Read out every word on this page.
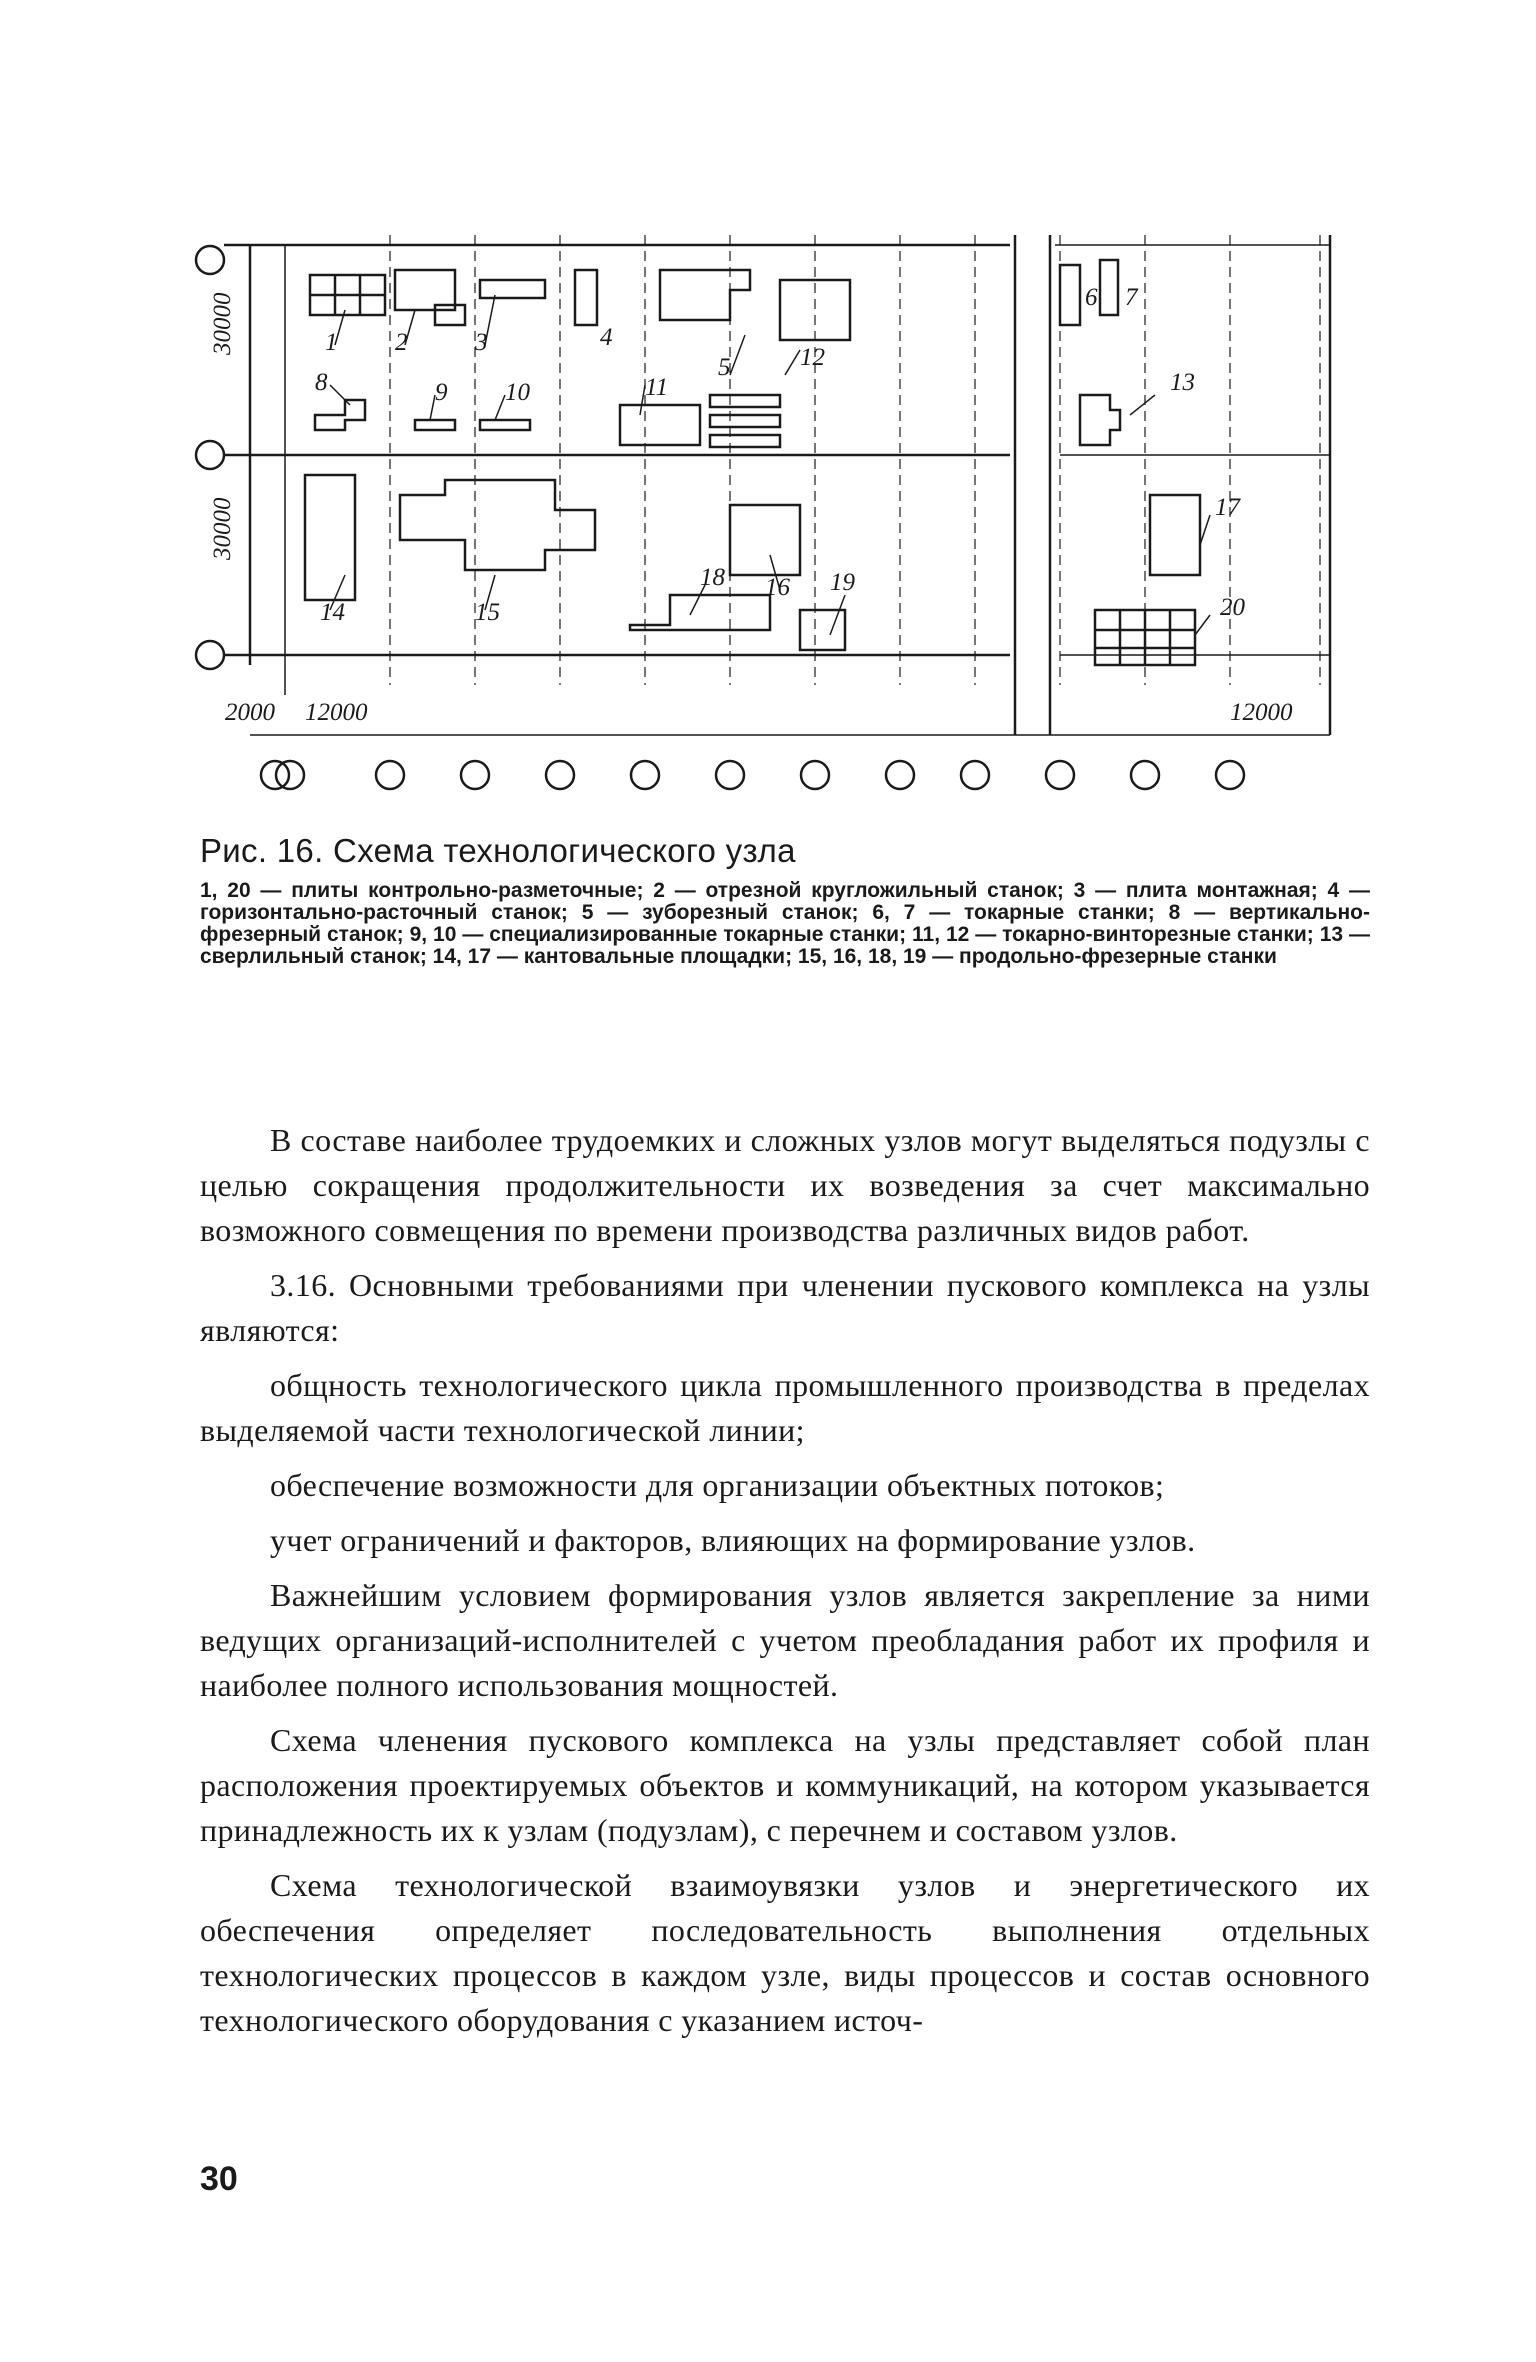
30000
30000
2000 12000	12000
1 2	3	4
5
6 7
8	9 10	11
12
13
14	15
16
17
18	19
20

Рис. 16. Схема технологического узла

1, 20 — плиты контрольно-разметочные; 2 — отрезной кругложильный станок; 3 — плита монтажная; 4 — горизонтально-расточный станок; 5 — зуборезный станок; 6, 7 — токарные станки; 8 — вертикально-фрезерный станок; 9, 10 — специализированные токарные станки; 11, 12 — токарно-винторезные станки; 13 — сверлильный станок; 14, 17 — кантовальные площадки; 15, 16, 18, 19 — продольно-фрезерные станки

В составе наиболее трудоемких и сложных узлов могут выделяться подузлы с целью сокращения продолжительности их возведения за счет максимально возможного совмещения по времени производства различных видов работ.

3.16. Основными требованиями при членении пускового комплекса на узлы являются:

общность технологического цикла промышленного производства в пределах выделяемой части технологической линии;

обеспечение возможности для организации объектных потоков;

учет ограничений и факторов, влияющих на формирование узлов.

Важнейшим условием формирования узлов является закрепление за ними ведущих организаций-исполнителей с учетом преобладания работ их профиля и наиболее полного использования мощностей.

Схема членения пускового комплекса на узлы представляет собой план расположения проектируемых объектов и коммуникаций, на котором указывается принадлежность их к узлам (подузлам), с перечнем и составом узлов.

Схема технологической взаимоувязки узлов и энергетического их обеспечения определяет последовательность выполнения отдельных технологических процессов в каждом узле, виды процессов и состав основного технологического оборудования с указанием источ-

30
